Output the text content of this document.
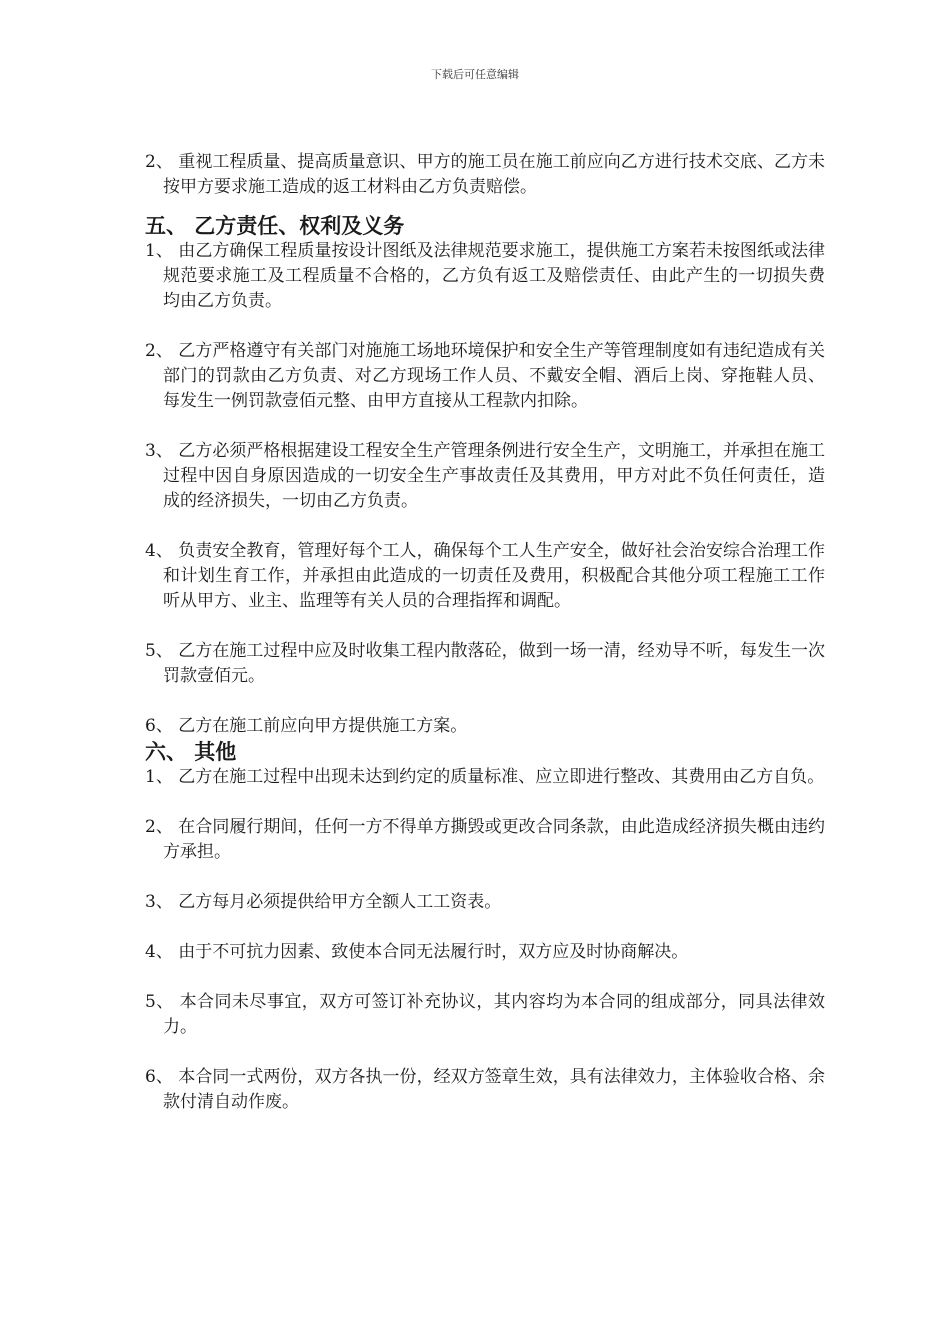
下载后可任意编辑

2、 重视工程质量、提高质量意识、甲方的施工员在施工前应向乙方进行技术交底、乙方未按甲方要求施工造成的返工材料由乙方负责赔偿。

五、 乙方责任、权利及义务

1、 由乙方确保工程质量按设计图纸及法律规范要求施工，提供施工方案若未按图纸或法律规范要求施工及工程质量不合格的，乙方负有返工及赔偿责任、由此产生的一切损失费均由乙方负责。

2、 乙方严格遵守有关部门对施施工场地环境保护和安全生产等管理制度如有违纪造成有关部门的罚款由乙方负责、对乙方现场工作人员、不戴安全帽、酒后上岗、穿拖鞋人员、每发生一例罚款壹佰元整、由甲方直接从工程款内扣除。

3、 乙方必须严格根据建设工程安全生产管理条例进行安全生产，文明施工，并承担在施工过程中因自身原因造成的一切安全生产事故责任及其费用，甲方对此不负任何责任，造成的经济损失，一切由乙方负责。

4、 负责安全教育，管理好每个工人，确保每个工人生产安全，做好社会治安综合治理工作和计划生育工作，并承担由此造成的一切责任及费用，积极配合其他分项工程施工工作听从甲方、业主、监理等有关人员的合理指挥和调配。

5、 乙方在施工过程中应及时收集工程内散落砼，做到一场一清，经劝导不听，每发生一次罚款壹佰元。

6、 乙方在施工前应向甲方提供施工方案。

六、 其他

1、 乙方在施工过程中出现未达到约定的质量标准、应立即进行整改、其费用由乙方自负。

2、 在合同履行期间，任何一方不得单方撕毁或更改合同条款，由此造成经济损失概由违约方承担。

3、 乙方每月必须提供给甲方全额人工工资表。

4、 由于不可抗力因素、致使本合同无法履行时，双方应及时协商解决。

5、 本合同未尽事宜，双方可签订补充协议，其内容均为本合同的组成部分，同具法律效力。

6、 本合同一式两份，双方各执一份，经双方签章生效，具有法律效力，主体验收合格、余款付清自动作废。
